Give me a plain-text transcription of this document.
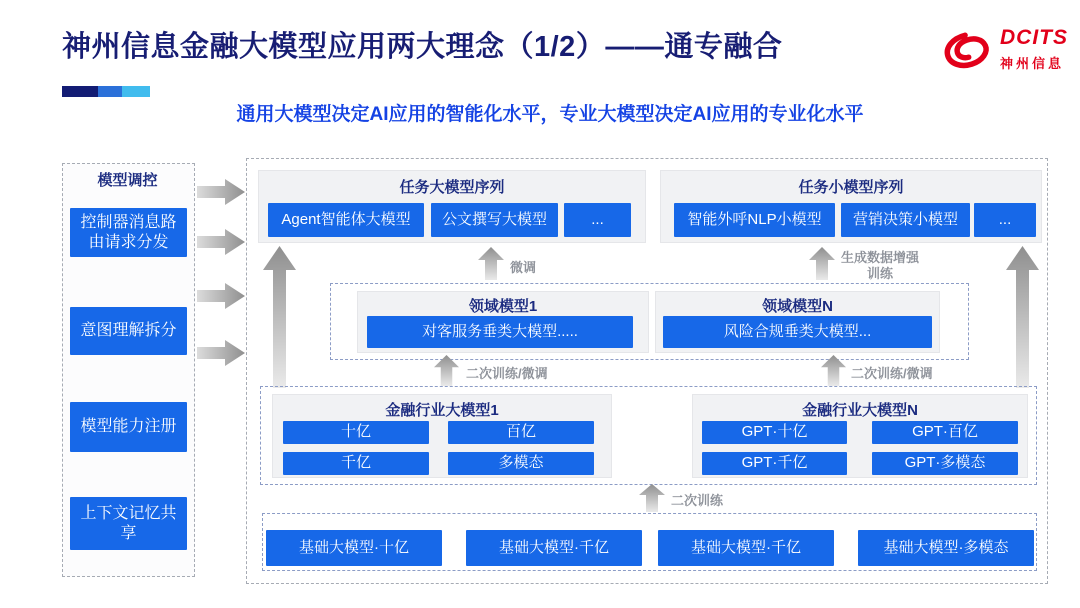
神州信息金融大模型应用两大理念（1/2）——通专融合	DCITS
神州信息
通用大模型决定AI应用的智能化水平，专业大模型决定AI应用的专业化水平
模型调控
控制器消息路由请求分发
意图理解拆分
模型能力注册
上下文记忆共享
任务大模型序列
Agent智能体大模型	公文撰写大模型	...
任务小模型序列
智能外呼NLP小模型	营销决策小模型	...
微调
生成数据增强训练
领域模型1
对客服务垂类大模型.....
领域模型N
风险合规垂类大模型...
二次训练/微调	二次训练/微调
金融行业大模型1
十亿	百亿
千亿	多模态
金融行业大模型N
GPT·十亿	GPT·百亿
GPT·千亿	GPT·多模态
二次训练
基础大模型·十亿	基础大模型·千亿	基础大模型·千亿	基础大模型·多模态
